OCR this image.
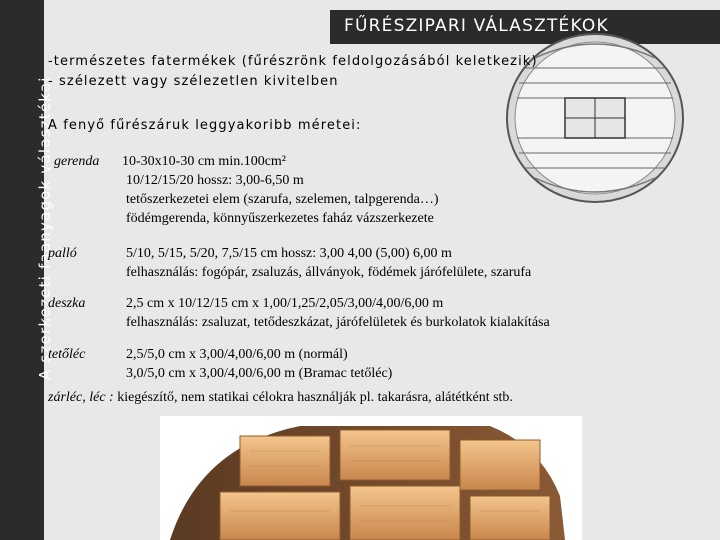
A szerkezeti faanyagok választékai
FŰRÉSZIPARI VÁLASZTÉKOK
-természetes fatermékek (fűrészrönk feldolgozásából keletkezik)
- szélezett vagy szélezetlen kivitelben
A fenyő fűrészáruk leggyakoribb méretei:
gerenda 10-30x10-30 cm min.100cm²
10/12/15/20 hossz: 3,00-6,50 m
tetőszerkezetei elem (szarufa, szelemen, talpgerenda…)
födémgerenda, könnyűszerkezetes faház vázszerkezete
palló	5/10, 5/15, 5/20, 7,5/15 cm hossz: 3,00 4,00 (5,00) 6,00 m
felhasználás: fogópár, zsaluzás, állványok, födémek járófelülete, szarufa
deszka	2,5 cm x 10/12/15 cm x 1,00/1,25/2,05/3,00/4,00/6,00 m
felhasználás: zsaluzat, tetődeszkázat, járófelületek és burkolatok kialakítása
tetőléc	2,5/5,0 cm x 3,00/4,00/6,00 m (normál)
3,0/5,0 cm x 3,00/4,00/6,00 m (Bramac tetőléc)
zárléc, léc : kiegészítő, nem statikai célokra használják pl. takarásra, alátétként stb.
